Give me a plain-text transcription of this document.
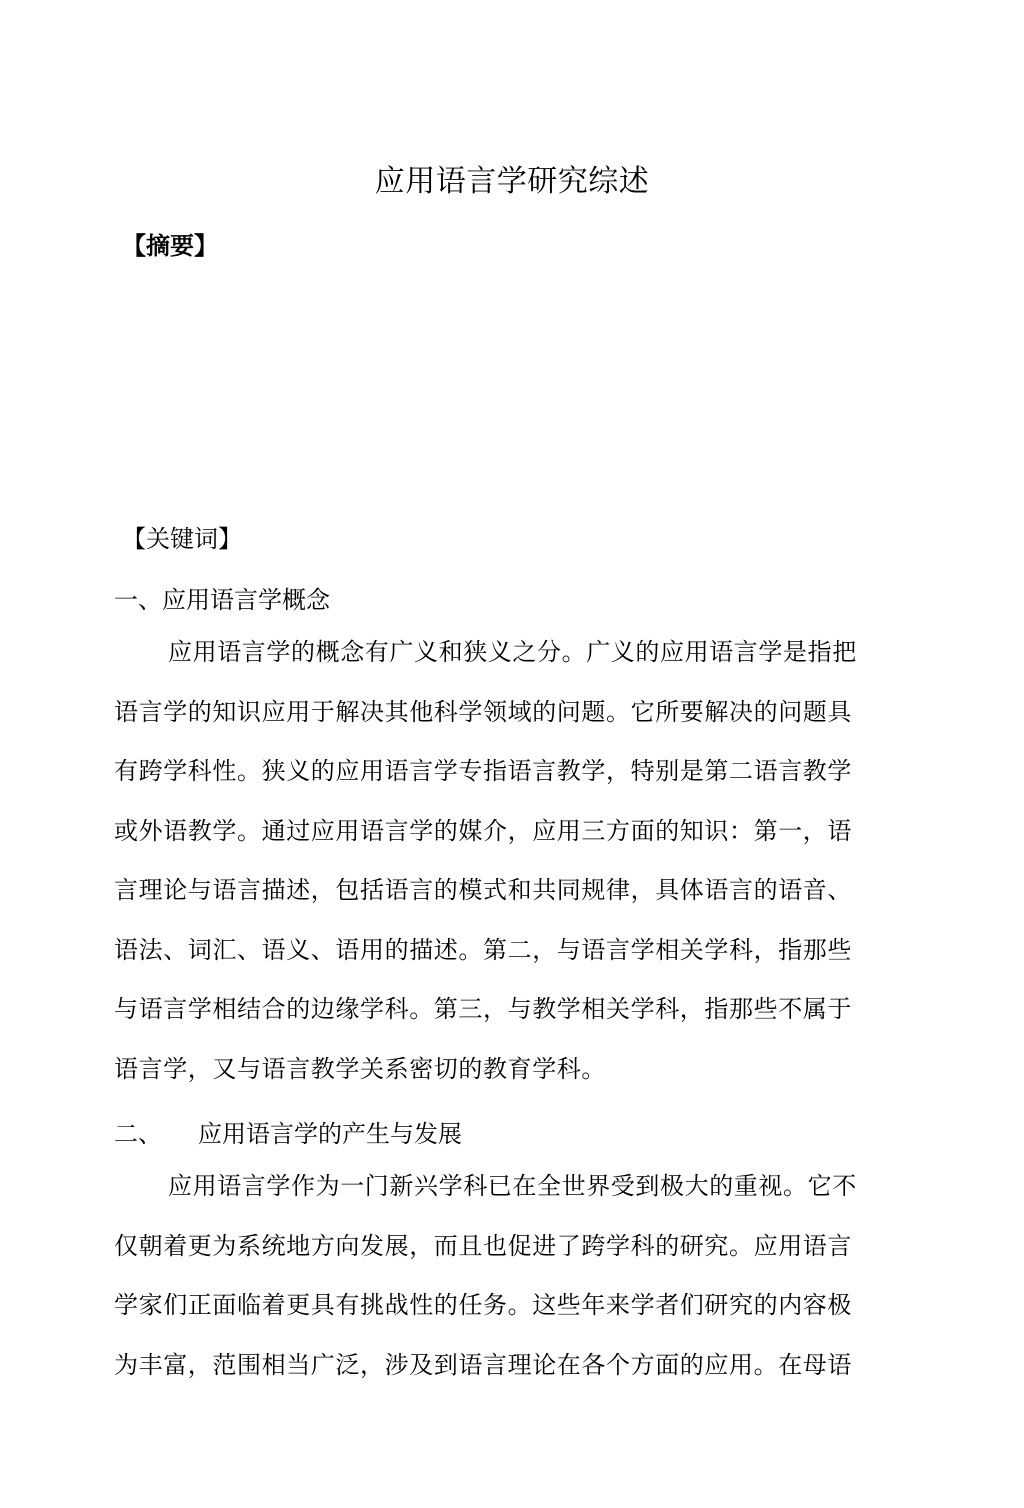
应用语言学研究综述
【摘要】
【关键词】
一、应用语言学概念
应用语言学的概念有广义和狭义之分。广义的应用语言学是指把
语言学的知识应用于解决其他科学领域的问题。它所要解决的问题具
有跨学科性。狭义的应用语言学专指语言教学，特别是第二语言教学
或外语教学。通过应用语言学的媒介，应用三方面的知识：第一，语
言理论与语言描述，包括语言的模式和共同规律，具体语言的语音、
语法、词汇、语义、语用的描述。第二，与语言学相关学科，指那些
与语言学相结合的边缘学科。第三，与教学相关学科，指那些不属于
语言学，又与语言教学关系密切的教育学科。
二、 应用语言学的产生与发展
应用语言学作为一门新兴学科已在全世界受到极大的重视。它不
仅朝着更为系统地方向发展，而且也促进了跨学科的研究。应用语言
学家们正面临着更具有挑战性的任务。这些年来学者们研究的内容极
为丰富，范围相当广泛，涉及到语言理论在各个方面的应用。在母语
